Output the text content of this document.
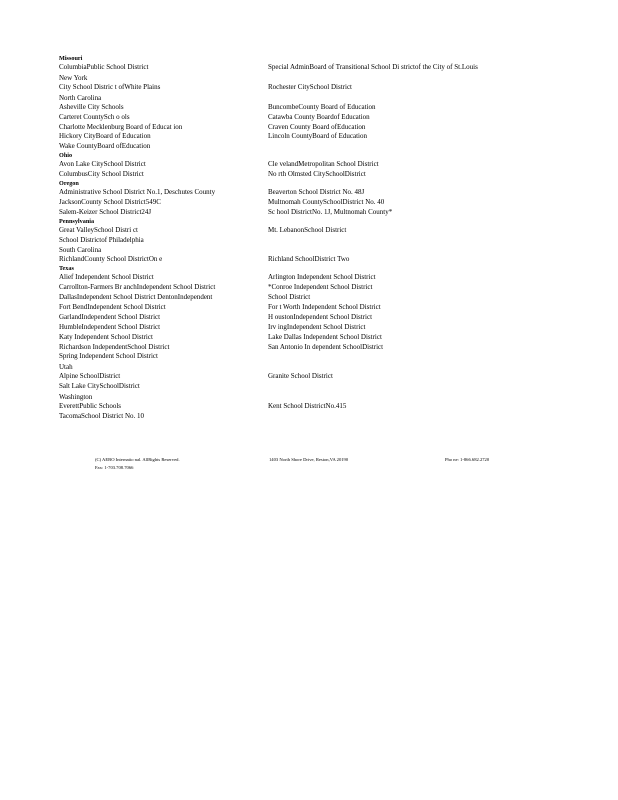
Missouri
ColumbiaPublic School District	Special AdminBoard of Transitional School Di strictof the City of St.Louis
New York
City School Distric t ofWhite Plains	Rochester CitySchool District
North Carolina
Asheville City Schools	BuncombeCounty Board of Education
Carteret CountySch o ols	Catawba County Boardof Education
Charlotte Mecklenburg Board of Educat ion	Craven County Board ofEducation
Hickory CityBoard of Education	Lincoln CountyBoard of Education
Wake CountyBoard ofEducation
Ohio
Avon Lake CitySchool District	Cle velandMetropolitan School District
ColumbusCity School District	No rth Olmsted CitySchoolDistrict
Oregon
Administrative School District No.1, Deschutes County	Beaverton School District No. 48J
JacksonCounty School District549C	Multnomah CountySchoolDistrict No. 40
Salem-Keizer School District24J	Sc hool DistrictNo. 1J, Multnomah County*
Pennsylvania
Great ValleySchool Distri ct	Mt. LebanonSchool District
School Districtof Philadelphia
South Carolina
RichlandCounty School DistrictOn e	Richland SchoolDistrict Two
Texas
Alief Independent School District	Arlington Independent School District
Carrollton-Farmers Br anchIndependent School District	*Conroe Independent School District
DallasIndependent School District DentonIndependent	School District
Fort BendIndependent School District	For t Worth Independent School District
GarlandIndependent School District	H oustonIndependent School District
HumbleIndependent School District	Irv ingIndependent School District
Katy Independent School District	Lake Dallas Independent School District
Richardson IndependentSchool District	San Antonio In dependent SchoolDistrict
Spring Independent School District
Utah
Alpine SchoolDistrict	Granite School District
Salt Lake CitySchoolDistrict
Washington
EverettPublic Schools	Kent School DistrictNo.415
TacomaSchool District No. 10
(C) AEBO Internatio nal. AllRights Reserved.	1403 North Shore Drive, Reston,VA 20190	Pho ne: 1-866.682.2720
Fax: 1-703.708.7066
